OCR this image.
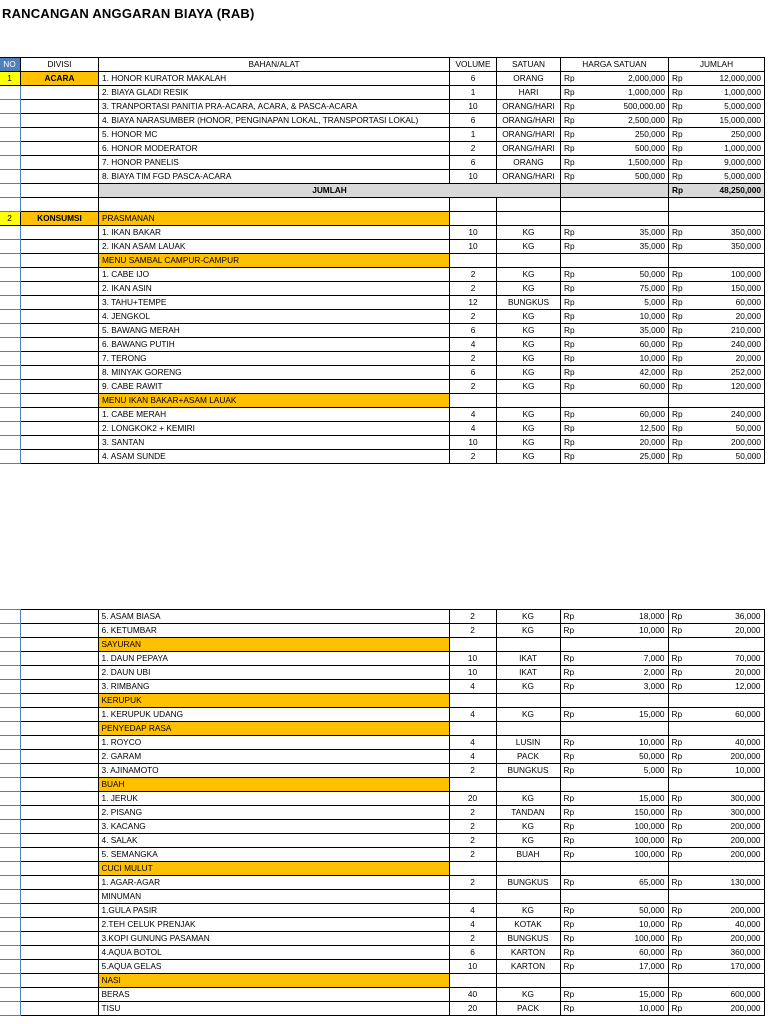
RANCANGAN ANGGARAN BIAYA (RAB)
NO	DIVISI	BAHAN/ALAT	VOLUME	SATUAN	HARGA SATUAN	JUMLAH
1	ACARA	1. HONOR KURATOR MAKALAH	6	ORANG	Rp 2,000,000	Rp 12,000,000

		2. BIAYA GLADI RESIK	1	HARI	Rp 1,000,000	Rp 1,000,000

		3. TRANPORTASI PANITIA PRA-ACARA, ACARA, & PASCA-ACARA	10	ORANG/HARI	Rp 500,000.00	Rp 5,000,000

		4. BIAYA NARASUMBER (HONOR, PENGINAPAN LOKAL, TRANSPORTASI LOKAL)	6	ORANG/HARI	Rp 2,500,000	Rp 15,000,000

		5. HONOR MC	1	ORANG/HARI	Rp 250,000	Rp 250,000

		6. HONOR MODERATOR	2	ORANG/HARI	Rp 500,000	Rp 1,000,000

		7. HONOR PANELIS	6	ORANG	Rp 1,500,000	Rp 9,000,000

		8. BIAYA TIM FGD PASCA-ACARA	10	ORANG/HARI	Rp 500,000	Rp 5,000,000

		JUMLAH				Rp 48,250,000

2	KONSUMSI	PRASMANAN				
		1. IKAN BAKAR	10	KG	Rp 35,000	Rp 350,000

		2. IKAN ASAM LAUAK	10	KG	Rp 35,000	Rp 350,000

		MENU SAMBAL CAMPUR-CAMPUR				
		1. CABE IJO	2	KG	Rp 50,000	Rp 100,000

		2. IKAN ASIN	2	KG	Rp 75,000	Rp 150,000

		3. TAHU+TEMPE	12	BUNGKUS	Rp 5,000	Rp 60,000

		4. JENGKOL	2	KG	Rp 10,000	Rp 20,000

		5. BAWANG MERAH	6	KG	Rp 35,000	Rp 210,000

		6. BAWANG PUTIH	4	KG	Rp 60,000	Rp 240,000

		7. TERONG	2	KG	Rp 10,000	Rp 20,000

		8. MINYAK GORENG	6	KG	Rp 42,000	Rp 252,000

		9. CABE RAWIT	2	KG	Rp 60,000	Rp 120,000

		MENU IKAN BAKAR+ASAM LAUAK				
		1. CABE MERAH	4	KG	Rp 60,000	Rp 240,000

		2. LONGKOK2 + KEMIRI	4	KG	Rp 12,500	Rp 50,000

		3. SANTAN	10	KG	Rp 20,000	Rp 200,000

		4. ASAM SUNDE	2	KG	Rp 25,000	Rp 50,000
		5. ASAM BIASA	2	KG	Rp 18,000	Rp 36,000

		6. KETUMBAR	2	KG	Rp 10,000	Rp 20,000

		SAYURAN				
		1. DAUN PEPAYA	10	IKAT	Rp 7,000	Rp 70,000

		2. DAUN UBI	10	IKAT	Rp 2,000	Rp 20,000

		3. RIMBANG	4	KG	Rp 3,000	Rp 12,000

		KERUPUK				
		1. KERUPUK UDANG	4	KG	Rp 15,000	Rp 60,000

		PENYEDAP RASA				
		1. ROYCO	4	LUSIN	Rp 10,000	Rp 40,000

		2. GARAM	4	PACK	Rp 50,000	Rp 200,000

		3. AJINAMOTO	2	BUNGKUS	Rp 5,000	Rp 10,000

		BUAH				
		1. JERUK	20	KG	Rp 15,000	Rp 300,000

		2. PISANG	2	TANDAN	Rp 150,000	Rp 300,000

		3. KACANG	2	KG	Rp 100,000	Rp 200,000

		4. SALAK	2	KG	Rp 100,000	Rp 200,000

		5. SEMANGKA	2	BUAH	Rp 100,000	Rp 200,000

		CUCI MULUT				
		1. AGAR-AGAR	2	BUNGKUS	Rp 65,000	Rp 130,000

		MINUMAN				
		1.GULA PASIR	4	KG	Rp 50,000	Rp 200,000

		2.TEH CELUK PRENJAK	4	KOTAK	Rp 10,000	Rp 40,000

		3.KOPI GUNUNG PASAMAN	2	BUNGKUS	Rp 100,000	Rp 200,000

		4.AQUA BOTOL	6	KARTON	Rp 60,000	Rp 360,000

		5.AQUA GELAS	10	KARTON	Rp 17,000	Rp 170,000

		NASI				
		BERAS	40	KG	Rp 15,000	Rp 600,000

		TISU	20	PACK	Rp 10,000	Rp 200,000
